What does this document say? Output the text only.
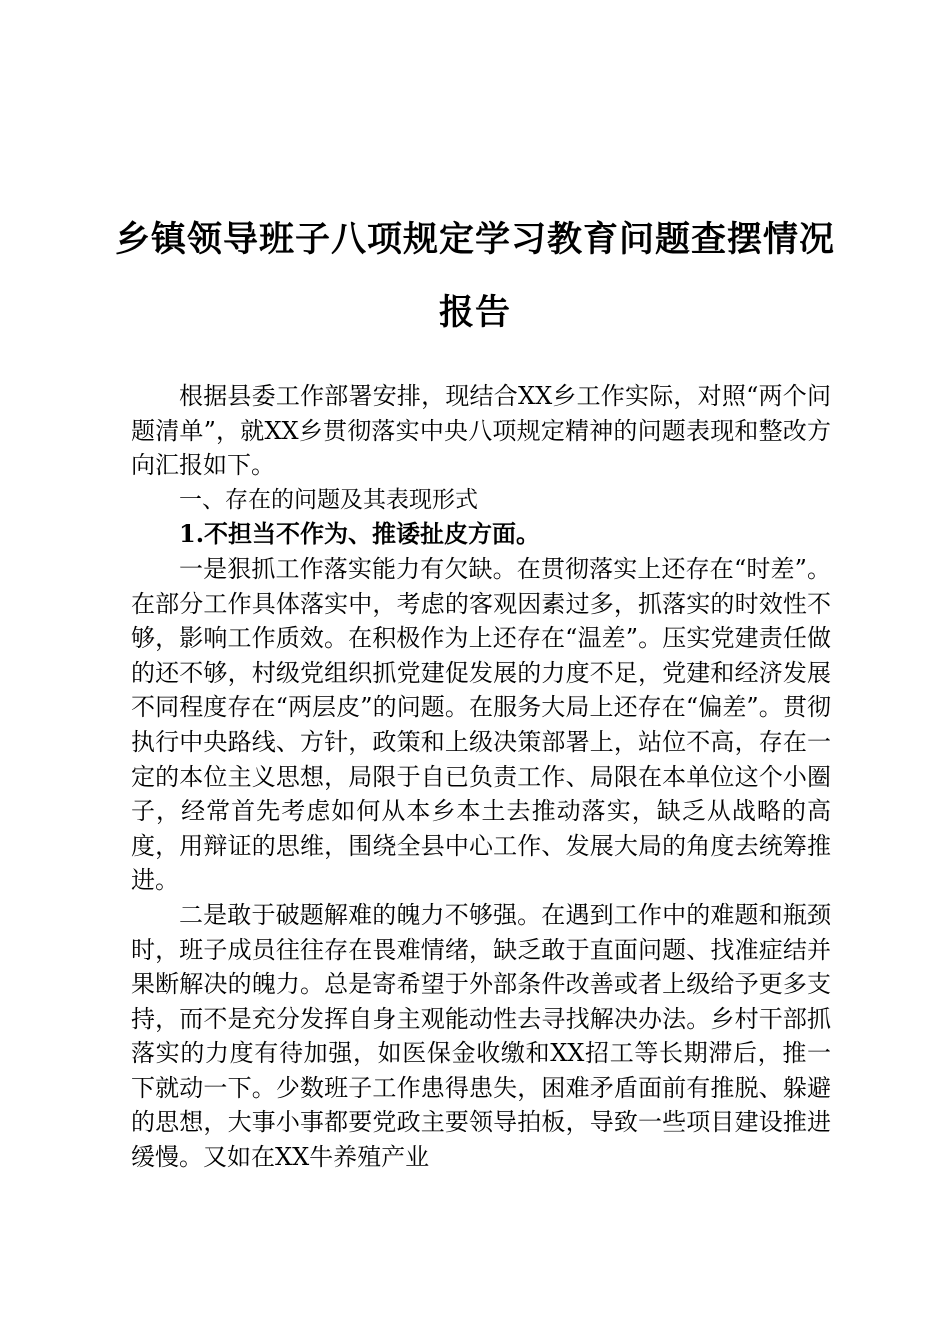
乡镇领导班子八项规定学习教育问题查摆情况
报告

根据县委工作部署安排，现结合XX乡工作实际，对照“两个问题清单”，就XX乡贯彻落实中央八项规定精神的问题表现和整改方向汇报如下。

一、存在的问题及其表现形式

1.不担当不作为、推诿扯皮方面。

一是狠抓工作落实能力有欠缺。在贯彻落实上还存在“时差”。在部分工作具体落实中，考虑的客观因素过多，抓落实的时效性不够，影响工作质效。在积极作为上还存在“温差”。压实党建责任做的还不够，村级党组织抓党建促发展的力度不足，党建和经济发展不同程度存在“两层皮”的问题。在服务大局上还存在“偏差”。贯彻执行中央路线、方针，政策和上级决策部署上，站位不高，存在一定的本位主义思想，局限于自已负责工作、局限在本单位这个小圈子，经常首先考虑如何从本乡本土去推动落实，缺乏从战略的高度，用辩证的思维，围绕全县中心工作、发展大局的角度去统筹推进。

二是敢于破题解难的魄力不够强。在遇到工作中的难题和瓶颈时，班子成员往往存在畏难情绪，缺乏敢于直面问题、找准症结并果断解决的魄力。总是寄希望于外部条件改善或者上级给予更多支持，而不是充分发挥自身主观能动性去寻找解决办法。乡村干部抓落实的力度有待加强，如医保金收缴和XX招工等长期滞后，推一下就动一下。少数班子工作患得患失，困难矛盾面前有推脱、躲避的思想，大事小事都要党政主要领导拍板，导致一些项目建设推进缓慢。又如在XX牛养殖产业
